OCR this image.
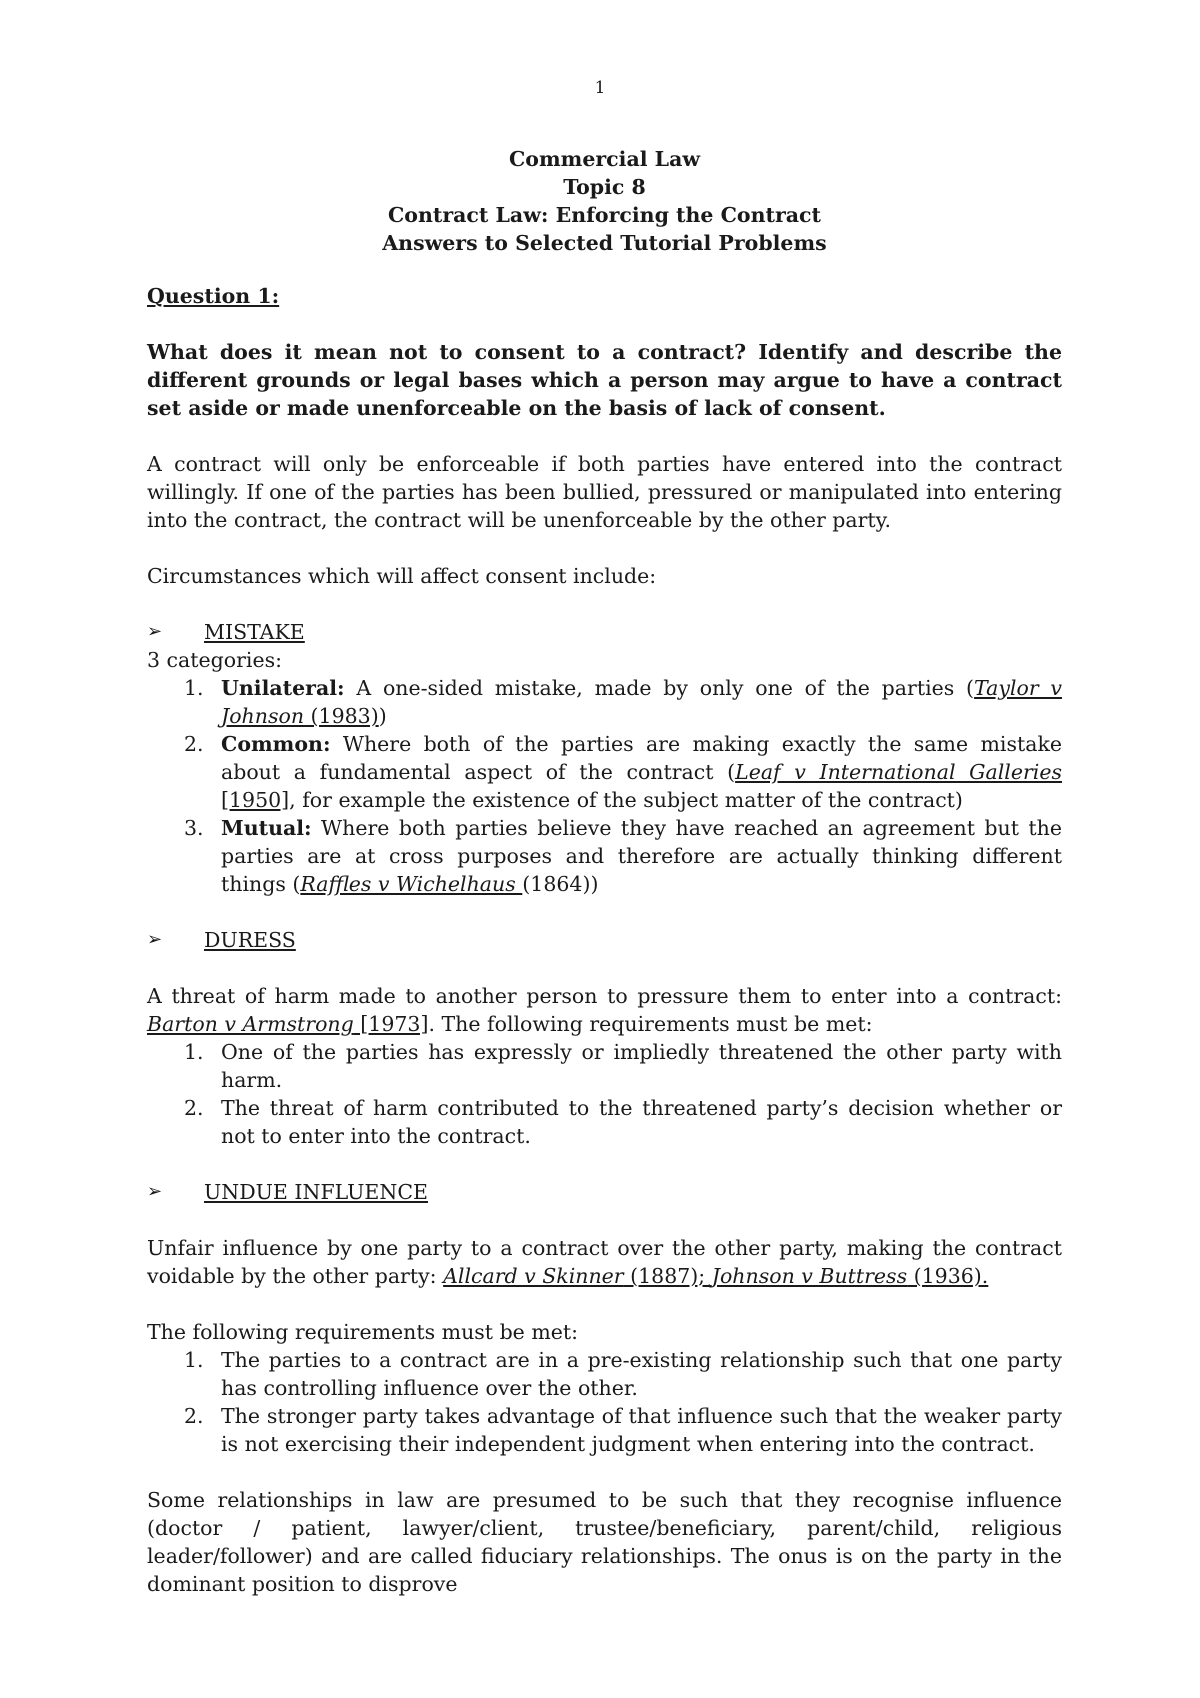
1
Commercial Law
Topic 8
Contract Law: Enforcing the Contract
Answers to Selected Tutorial Problems
Question 1:
What does it mean not to consent to a contract? Identify and describe the different grounds or legal bases which a person may argue to have a contract set aside or made unenforceable on the basis of lack of consent.

A contract will only be enforceable if both parties have entered into the contract willingly. If one of the parties has been bullied, pressured or manipulated into entering into the contract, the contract will be unenforceable by the other party.

Circumstances which will affect consent include:

➢	MISTAKE
3 categories:
1. Unilateral: A one-sided mistake, made by only one of the parties (Taylor v Johnson (1983))
2. Common: Where both of the parties are making exactly the same mistake about a fundamental aspect of the contract (Leaf v International Galleries [1950], for example the existence of the subject matter of the contract)
3. Mutual: Where both parties believe they have reached an agreement but the parties are at cross purposes and therefore are actually thinking different things (Raffles v Wichelhaus (1864))
➢	DURESS
A threat of harm made to another person to pressure them to enter into a contract: Barton v Armstrong [1973]. The following requirements must be met:
1. One of the parties has expressly or impliedly threatened the other party with harm.
2. The threat of harm contributed to the threatened party’s decision whether or not to enter into the contract.
➢	UNDUE INFLUENCE

Unfair influence by one party to a contract over the other party, making the contract voidable by the other party: Allcard v Skinner (1887); Johnson v Buttress (1936).

The following requirements must be met:
1. The parties to a contract are in a pre-existing relationship such that one party has controlling influence over the other.
2. The stronger party takes advantage of that influence such that the weaker party is not exercising their independent judgment when entering into the contract.

Some relationships in law are presumed to be such that they recognise influence (doctor / patient, lawyer/client, trustee/beneficiary, parent/child, religious leader/follower) and are called fiduciary relationships. The onus is on the party in the dominant position to disprove
